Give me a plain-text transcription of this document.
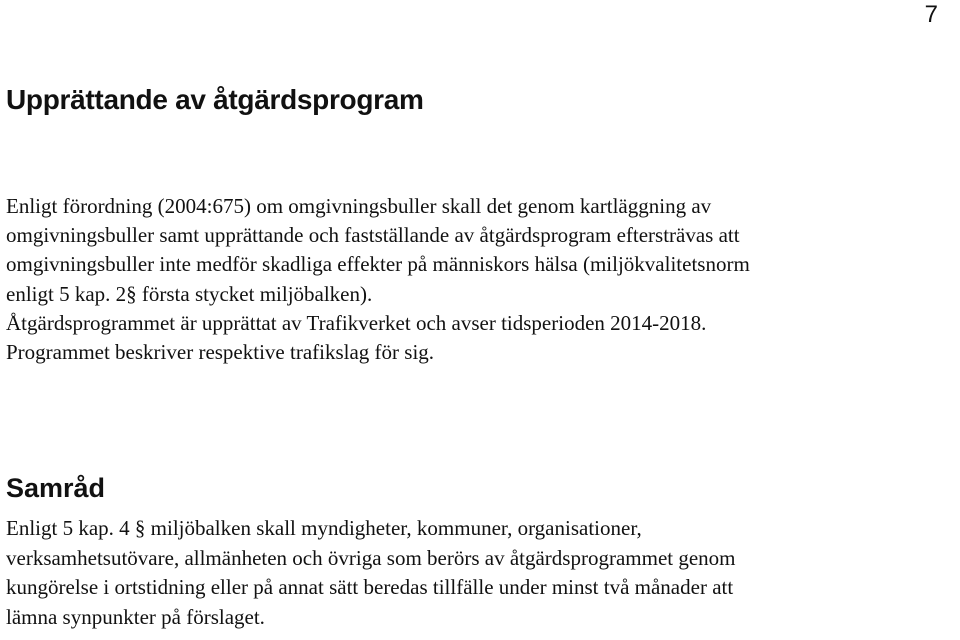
7
Upprättande av åtgärdsprogram

Enligt förordning (2004:675) om omgivningsbuller skall det genom kartläggning av
omgivningsbuller samt upprättande och fastställande av åtgärdsprogram eftersträvas att
omgivningsbuller inte medför skadliga effekter på människors hälsa (miljökvalitetsnorm
enligt 5 kap. 2§ första stycket miljöbalken).
Åtgärdsprogrammet är upprättat av Trafikverket och avser tidsperioden 2014-2018.
Programmet beskriver respektive trafikslag för sig.

Samråd

Enligt 5 kap. 4 § miljöbalken skall myndigheter, kommuner, organisationer,
verksamhetsutövare, allmänheten och övriga som berörs av åtgärdsprogrammet genom
kungörelse i ortstidning eller på annat sätt beredas tillfälle under minst två månader att
lämna synpunkter på förslaget.
